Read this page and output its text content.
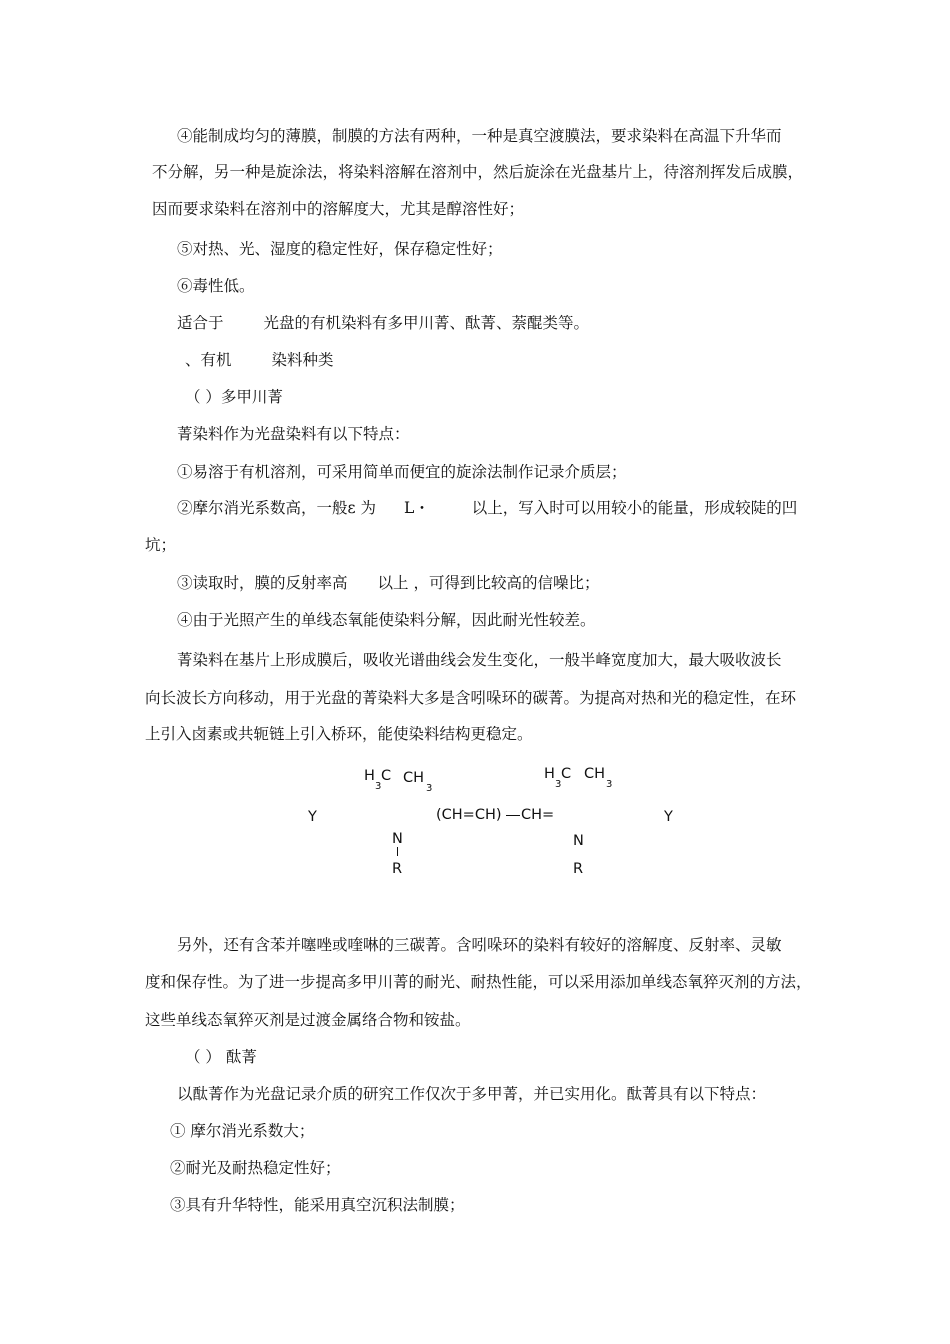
④能制成均匀的薄膜，制膜的方法有两种，一种是真空渡膜法，要求染料在高温下升华而
不分解，另一种是旋涂法，将染料溶解在溶剂中，然后旋涂在光盘基片上，待溶剂挥发后成膜，
因而要求染料在溶剂中的溶解度大，尤其是醇溶性好；
⑤对热、光、湿度的稳定性好，保存稳定性好；
⑥毒性低。
适合于	光盘的有机染料有多甲川菁、酞菁、萘醌类等。
、有机	染料种类
（ ）多甲川菁
菁染料作为光盘染料有以下特点：
①易溶于有机溶剂，可采用简单而便宜的旋涂法制作记录介质层；
②摩尔消光系数高，一般ε 为 L・	以上，写入时可以用较小的能量，形成较陡的凹
坑；
③读取时，膜的反射率高 以上 ，可得到比较高的信噪比；
④由于光照产生的单线态氧能使染料分解，因此耐光性较差。
菁染料在基片上形成膜后，吸收光谱曲线会发生变化，一般半峰宽度加大，最大吸收波长
向长波长方向移动，用于光盘的菁染料大多是含吲哚环的碳菁。为提高对热和光的稳定性，在环
上引入卤素或共轭链上引入桥环，能使染料结构更稳定。
H
3
C CH
3
H
3
C CH
3
Y	(CH=CH) CH=	Y
N
R
N
R
另外，还有含苯并噻唑或喹啉的三碳菁。含吲哚环的染料有较好的溶解度、反射率、灵敏
度和保存性。为了进一步提高多甲川菁的耐光、耐热性能，可以采用添加单线态氧猝灭剂的方法，
这些单线态氧猝灭剂是过渡金属络合物和铵盐。
（ ） 酞菁
以酞菁作为光盘记录介质的研究工作仅次于多甲菁，并已实用化。酞菁具有以下特点：
① 摩尔消光系数大；
②耐光及耐热稳定性好；
③具有升华特性，能采用真空沉积法制膜；
